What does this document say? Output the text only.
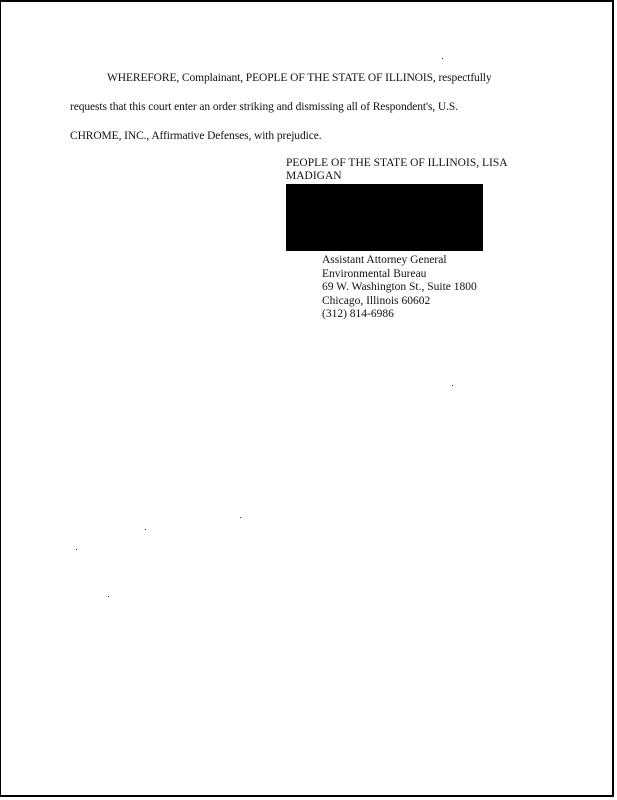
WHEREFORE, Complainant, PEOPLE OF THE STATE OF ILLINOIS, respectfully
requests that this court enter an order striking and dismissing all of Respondent's, U.S.
CHROME, INC., Affirmative Defenses, with prejudice.
PEOPLE OF THE STATE OF ILLINOIS, LISA
MADIGAN
Assistant Attorney General
Environmental Bureau
69 W. Washington St., Suite 1800
Chicago, Illinois 60602
(312) 814-6986
